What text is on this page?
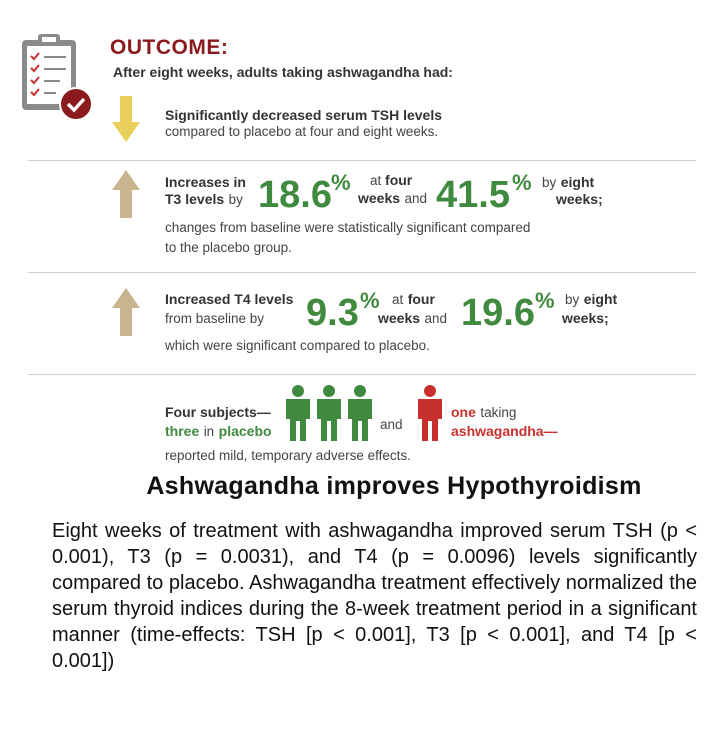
OUTCOME:
After eight weeks, adults taking ashwagandha had:
Significantly decreased serum TSH levels
compared to placebo at four and eight weeks.
Increases in
T3 levels by 18.6 % at four
weeks and 41.5 % by eight
weeks;
changes from baseline were statistically significant compared
to the placebo group.
Increased T4 levels
from baseline by 9.3 % at four
weeks and 19.6 % by eight
weeks;
which were significant compared to placebo.
Four subjects—
three in placebo	and
one taking
ashwagandha—
reported mild, temporary adverse effects.
Ashwagandha improves Hypothyroidism
Eight weeks of treatment with ashwagandha improved serum TSH (p < 0.001), T3 (p = 0.0031), and T4 (p = 0.0096) levels significantly compared to placebo. Ashwagandha treatment effectively normalized the serum thyroid indices during the 8-week treatment period in a significant manner (time-effects: TSH [p < 0.001], T3 [p < 0.001], and T4 [p < 0.001])
